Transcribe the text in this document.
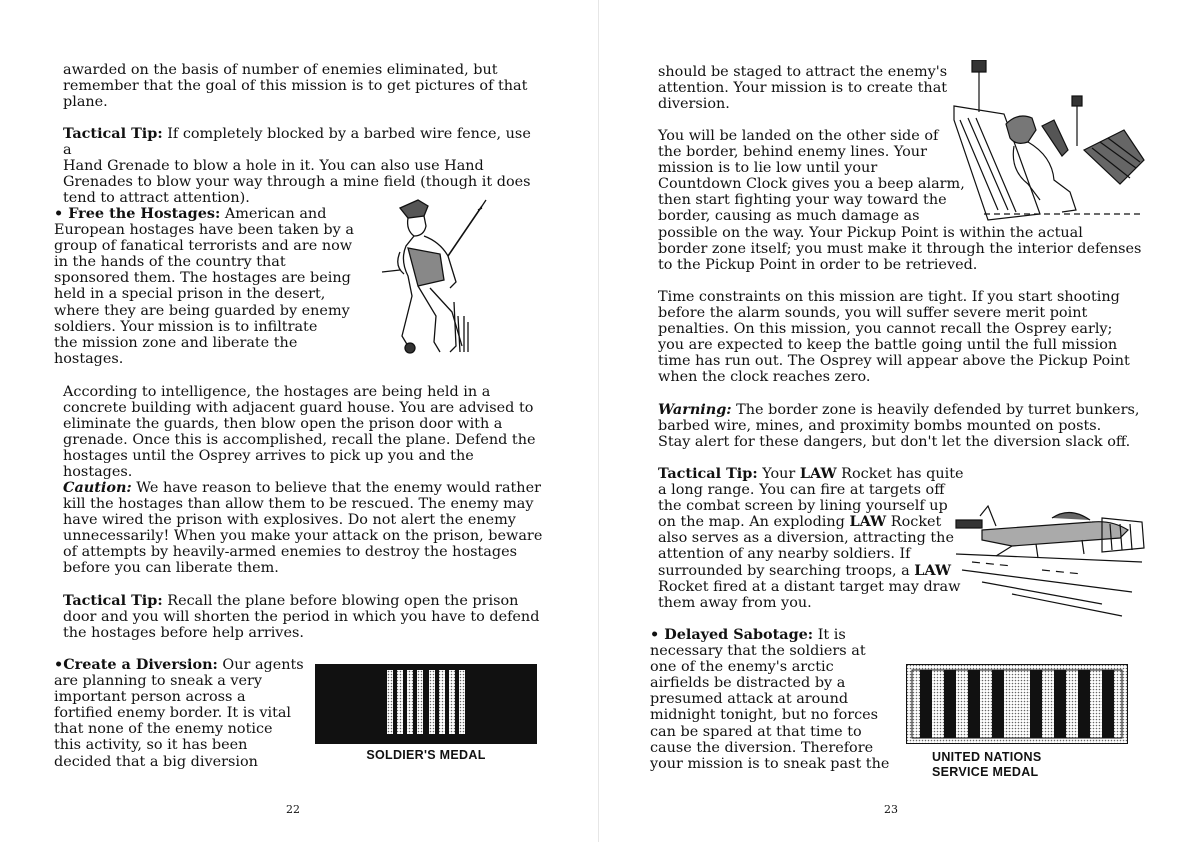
awarded on the basis of number of enemies eliminated, but
remember that the goal of this mission is to get pictures of that
plane.

Tactical Tip: If completely blocked by a barbed wire fence, use a
Hand Grenade to blow a hole in it. You can also use Hand
Grenades to blow your way through a mine field (though it does
tend to attract attention).

• Free the Hostages: American and
European hostages have been taken by a
group of fanatical terrorists and are now
in the hands of the country that
sponsored them. The hostages are being
held in a special prison in the desert,
where they are being guarded by enemy
soldiers. Your mission is to infiltrate
the mission zone and liberate the
hostages.

According to intelligence, the hostages are being held in a
concrete building with adjacent guard house. You are advised to
eliminate the guards, then blow open the prison door with a
grenade. Once this is accomplished, recall the plane. Defend the
hostages until the Osprey arrives to pick up you and the hostages.

Caution: We have reason to believe that the enemy would rather
kill the hostages than allow them to be rescued. The enemy may
have wired the prison with explosives. Do not alert the enemy
unnecessarily! When you make your attack on the prison, beware
of attempts by heavily-armed enemies to destroy the hostages
before you can liberate them.

Tactical Tip: Recall the plane before blowing open the prison
door and you will shorten the period in which you have to defend
the hostages before help arrives.

•Create a Diversion: Our agents
are planning to sneak a very
important person across a
fortified enemy border. It is vital
that none of the enemy notice
this activity, so it has been
decided that a big diversion	SOLDIER'S MEDAL
22

should be staged to attract the enemy's
attention. Your mission is to create that
diversion.

You will be landed on the other side of
the border, behind enemy lines. Your
mission is to lie low until your
Countdown Clock gives you a beep alarm,
then start fighting your way toward the
border, causing as much damage as
possible on the way. Your Pickup Point is within the actual
border zone itself; you must make it through the interior defenses
to the Pickup Point in order to be retrieved.

Time constraints on this mission are tight. If you start shooting
before the alarm sounds, you will suffer severe merit point
penalties. On this mission, you cannot recall the Osprey early;
you are expected to keep the battle going until the full mission
time has run out. The Osprey will appear above the Pickup Point
when the clock reaches zero.

Warning: The border zone is heavily defended by turret bunkers,
barbed wire, mines, and proximity bombs mounted on posts.
Stay alert for these dangers, but don't let the diversion slack off.

Tactical Tip: Your LAW Rocket has quite
a long range. You can fire at targets off
the combat screen by lining yourself up
on the map. An exploding LAW Rocket
also serves as a diversion, attracting the
attention of any nearby soldiers. If
surrounded by searching troops, a LAW
Rocket fired at a distant target may draw
them away from you.

• Delayed Sabotage: It is
necessary that the soldiers at
one of the enemy's arctic
airfields be distracted by a
presumed attack at around
midnight tonight, but no forces
can be spared at that time to
cause the diversion. Therefore
your mission is to sneak past the	UNITED NATIONS
SERVICE MEDAL
23
